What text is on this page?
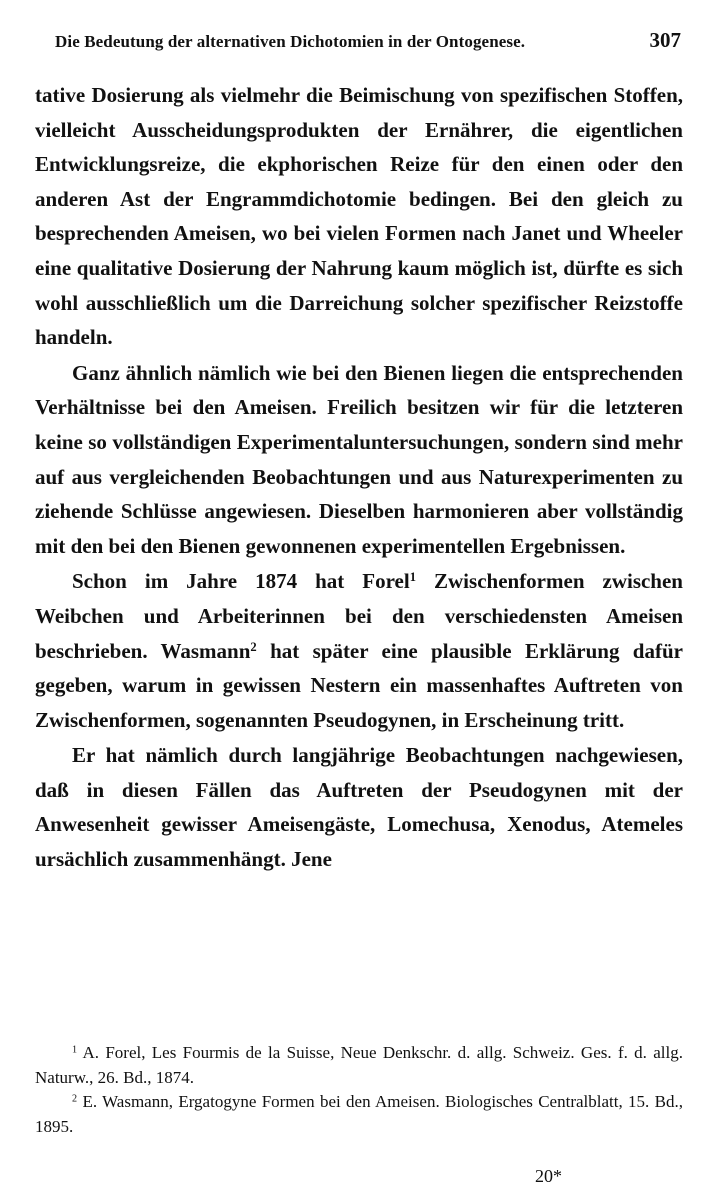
Die Bedeutung der alternativen Dichotomien in der Ontogenese.	307

tative Dosierung als vielmehr die Beimischung von spezifischen Stoffen, vielleicht Ausscheidungsprodukten der Ernährer, die eigentlichen Entwicklungsreize, die ekphorischen Reize für den einen oder den anderen Ast der Engrammdichotomie bedingen. Bei den gleich zu besprechenden Ameisen, wo bei vielen Formen nach Janet und Wheeler eine qualitative Dosierung der Nahrung kaum möglich ist, dürfte es sich wohl ausschließlich um die Darreichung solcher spezifischer Reizstoffe handeln.

Ganz ähnlich nämlich wie bei den Bienen liegen die entsprechenden Verhältnisse bei den Ameisen. Freilich besitzen wir für die letzteren keine so vollständigen Experimentaluntersuchungen, sondern sind mehr auf aus vergleichenden Beobachtungen und aus Naturexperimenten zu ziehende Schlüsse angewiesen. Dieselben harmonieren aber vollständig mit den bei den Bienen gewonnenen experimentellen Ergebnissen.

Schon im Jahre 1874 hat Forel$^1$ Zwischenformen zwischen Weibchen und Arbeiterinnen bei den verschiedensten Ameisen beschrieben. Wasmann$^2$ hat später eine plausible Erklärung dafür gegeben, warum in gewissen Nestern ein massenhaftes Auftreten von Zwischenformen, sogenannten Pseudogynen, in Erscheinung tritt.

Er hat nämlich durch langjährige Beobachtungen nachgewiesen, daß in diesen Fällen das Auftreten der Pseudogynen mit der Anwesenheit gewisser Ameisengäste, Lomechusa, Xenodus, Atemeles ursächlich zusammenhängt. Jene

$^1$ A. Forel, Les Fourmis de la Suisse, Neue Denkschr. d. allg. Schweiz. Ges. f. d. allg. Naturw., 26. Bd., 1874.

$^2$ E. Wasmann, Ergatogyne Formen bei den Ameisen. Biologisches Centralblatt, 15. Bd., 1895.

20*
